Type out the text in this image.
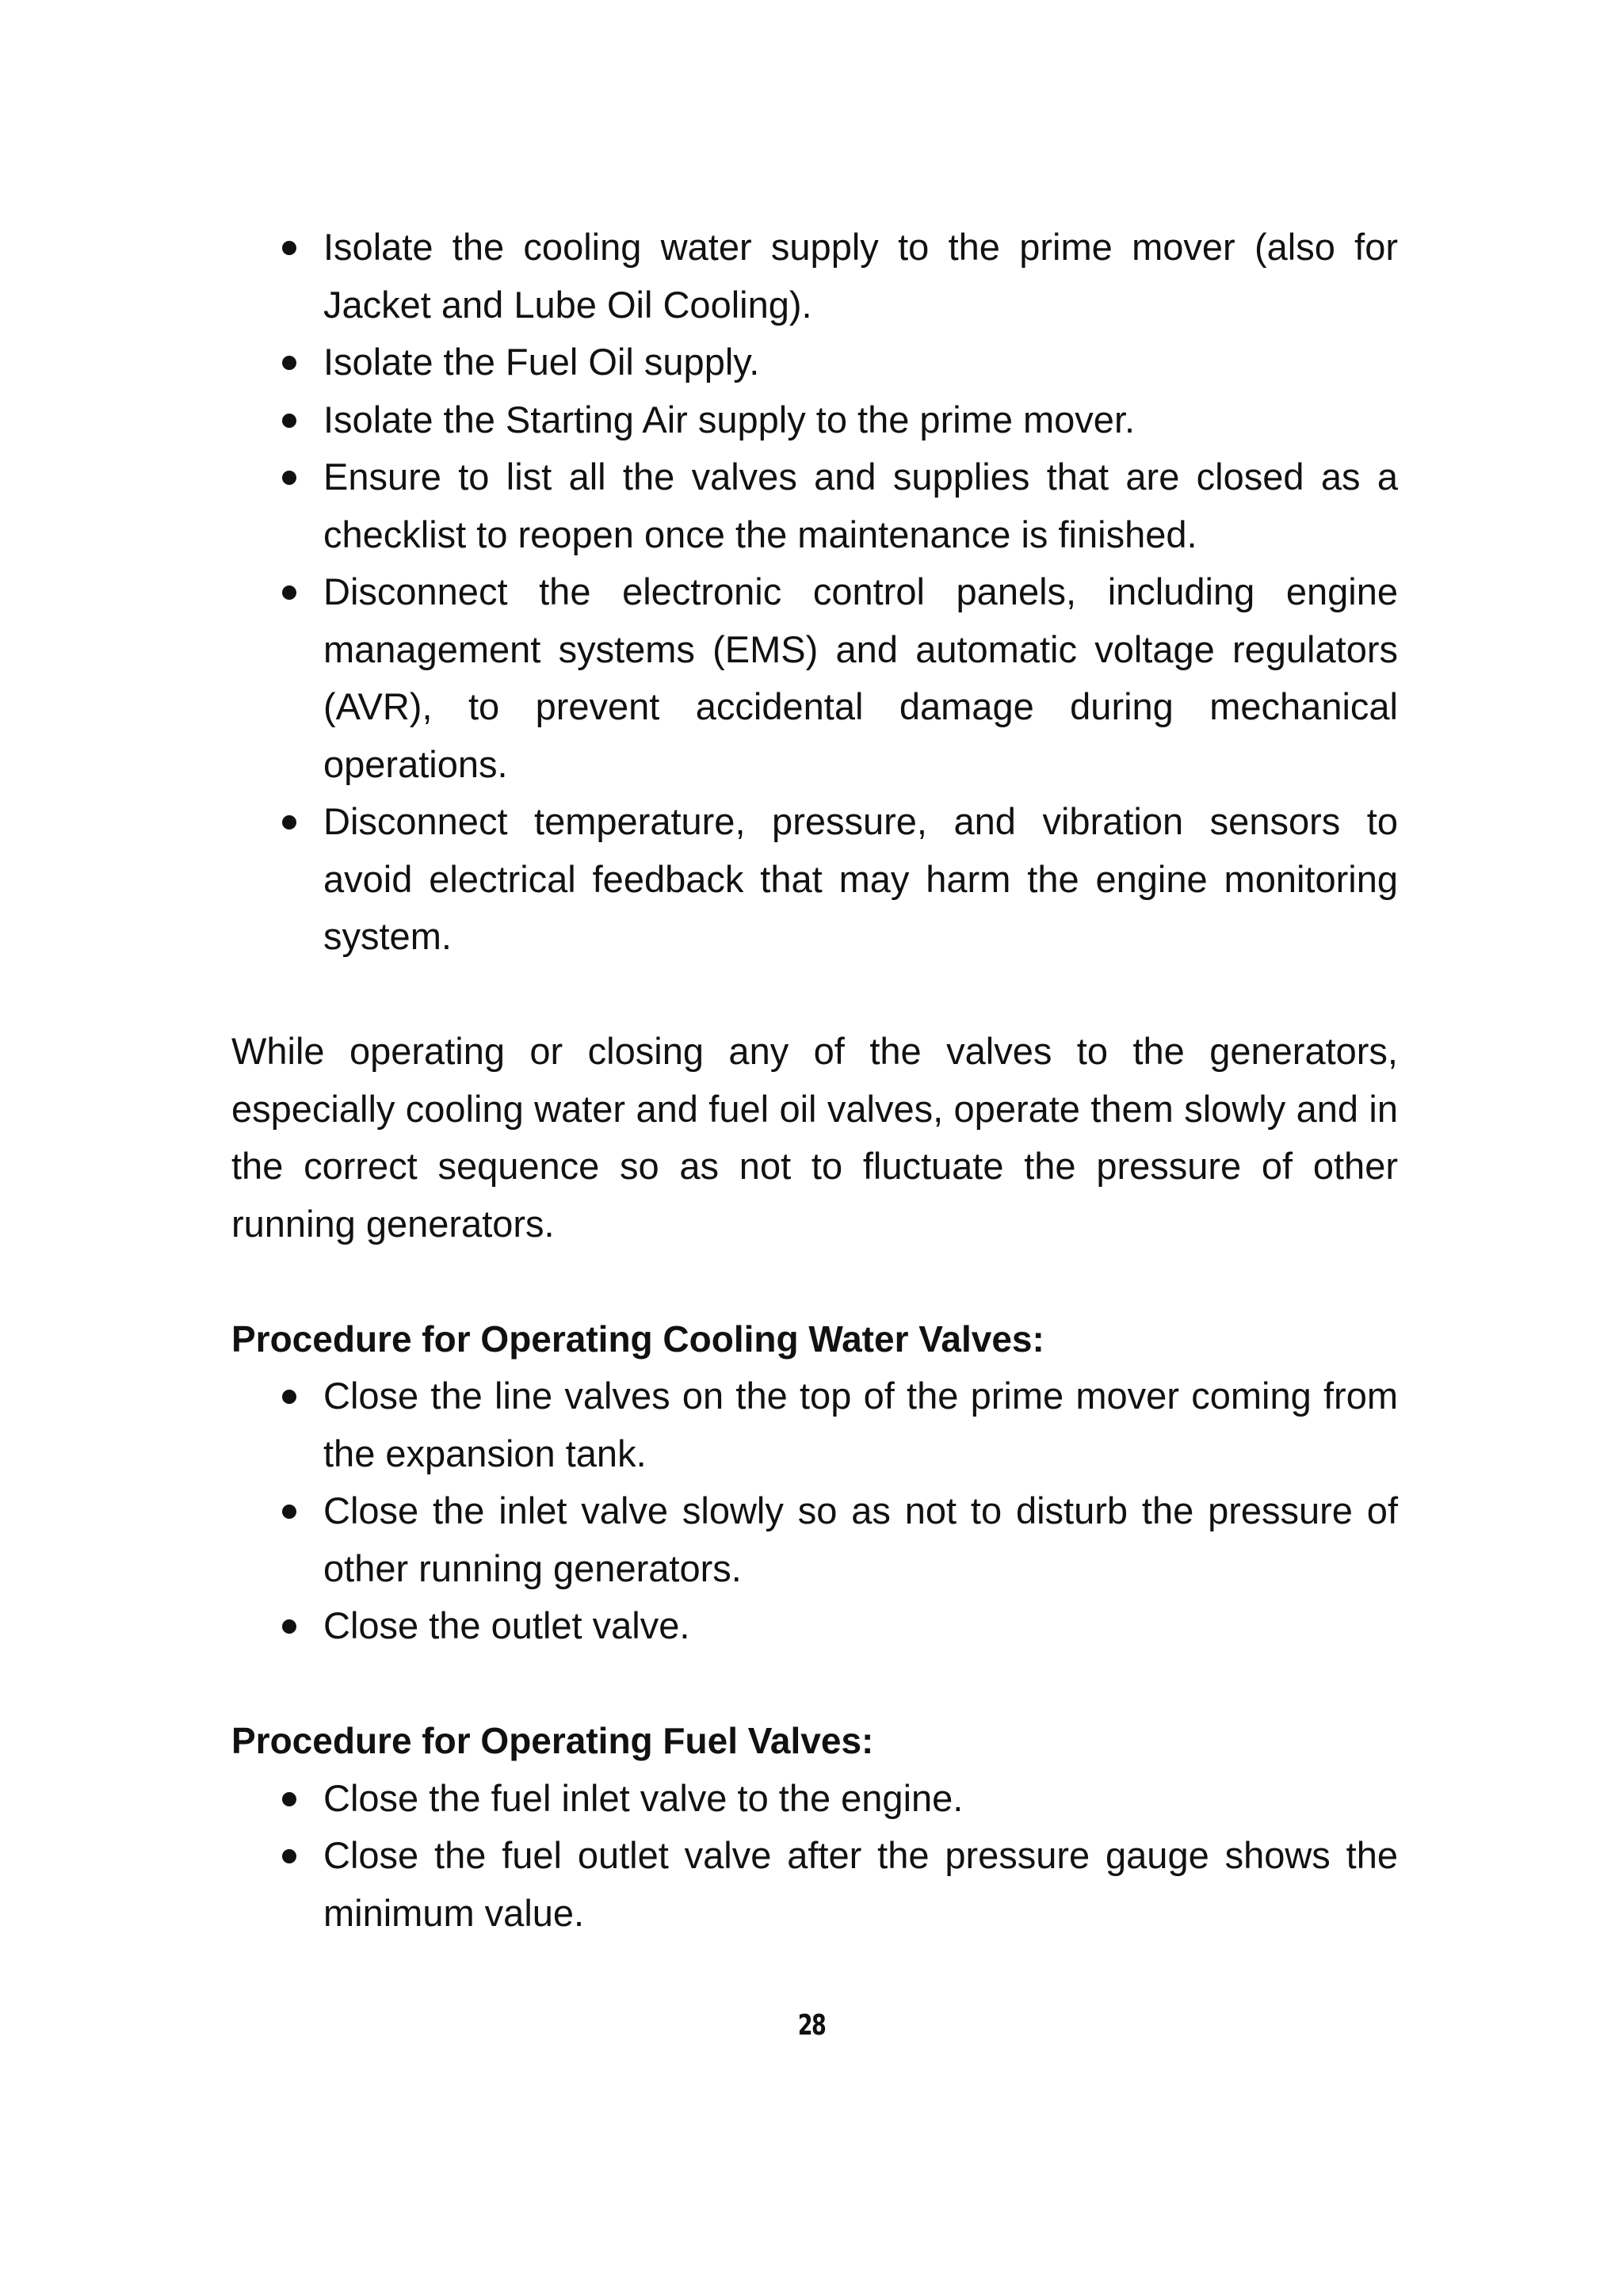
Isolate the cooling water supply to the prime mover (also for Jacket and Lube Oil Cooling).
Isolate the Fuel Oil supply.
Isolate the Starting Air supply to the prime mover.
Ensure to list all the valves and supplies that are closed as a checklist to reopen once the maintenance is finished.
Disconnect the electronic control panels, including engine management systems (EMS) and automatic voltage regulators (AVR), to prevent accidental damage during mechanical operations.
Disconnect temperature, pressure, and vibration sensors to avoid electrical feedback that may harm the engine monitoring system.

While operating or closing any of the valves to the generators, especially cooling water and fuel oil valves, operate them slowly and in the correct sequence so as not to fluctuate the pressure of other running generators.

Procedure for Operating Cooling Water Valves:
Close the line valves on the top of the prime mover coming from the expansion tank.
Close the inlet valve slowly so as not to disturb the pressure of other running generators.
Close the outlet valve.
Procedure for Operating Fuel Valves:
Close the fuel inlet valve to the engine.
Close the fuel outlet valve after the pressure gauge shows the minimum value.
28
